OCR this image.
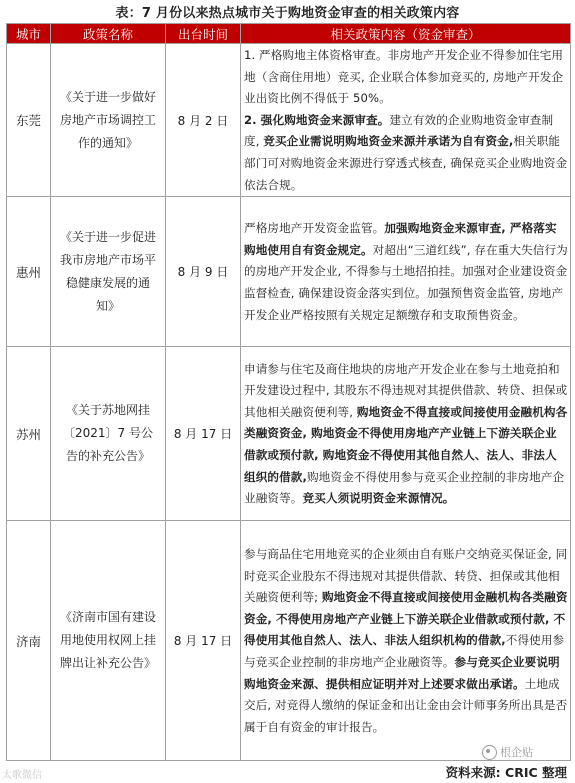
表：7 月份以来热点城市关于购地资金审查的相关政策内容
城市	政策名称	出台时间	相关政策内容（资金审查）
东莞	《关于进一步做好房地产市场调控工作的通知》	8 月 2 日	1. 严格购地主体资格审查。非房地产开发企业不得参加住宅用地（含商住用地）竞买, 企业联合体参加竞买的, 房地产开发企业出资比例不得低于 50%。
2. 强化购地资金来源审查。建立有效的企业购地资金审查制度, 竞买企业需说明购地资金来源并承诺为自有资金,相关职能部门可对购地资金来源进行穿透式核查, 确保竞买企业购地资金依法合规。
惠州	《关于进一步促进我市房地产市场平稳健康发展的通知》	8 月 9 日	严格房地产开发资金监管。加强购地资金来源审查, 严格落实购地使用自有资金规定。对超出“三道红线”, 存在重大失信行为的房地产开发企业, 不得参与土地招拍挂。加强对企业建设资金监督检查, 确保建设资金落实到位。加强预售资金监管, 房地产开发企业严格按照有关规定足额缴存和支取预售资金。
苏州	《关于苏地网挂〔2021〕7 号公告的补充公告》	8 月 17 日	申请参与住宅及商住地块的房地产开发企业在参与土地竞拍和开发建设过程中, 其股东不得违规对其提供借款、转贷、担保或其他相关融资便利等, 购地资金不得直接或间接使用金融机构各类融资资金, 购地资金不得使用房地产产业链上下游关联企业借款或预付款, 购地资金不得使用其他自然人、法人、非法人组织的借款,购地资金不得使用参与竞买企业控制的非房地产企业融资等。竞买人须说明资金来源情况。
济南	《济南市国有建设用地使用权网上挂牌出让补充公告》	8 月 17 日	参与商品住宅用地竞买的企业须由自有账户交纳竞买保证金, 同时竞买企业股东不得违规对其提供借款、转贷、担保或其他相关融资便利等; 购地资金不得直接或间接使用金融机构各类融资资金, 不得使用房地产产业链上下游关联企业借款或预付款, 不得使用其他自然人、法人、非法人组织机构的借款,不得使用参与竞买企业控制的非房地产企业融资等。参与竞买企业要说明购地资金来源、提供相应证明并对上述要求做出承诺。土地成交后, 对竞得人缴纳的保证金和出让金由会计师事务所出具是否属于自有资金的审计报告。
根企贴
太歌微信	资料来源: CRIC 整理
